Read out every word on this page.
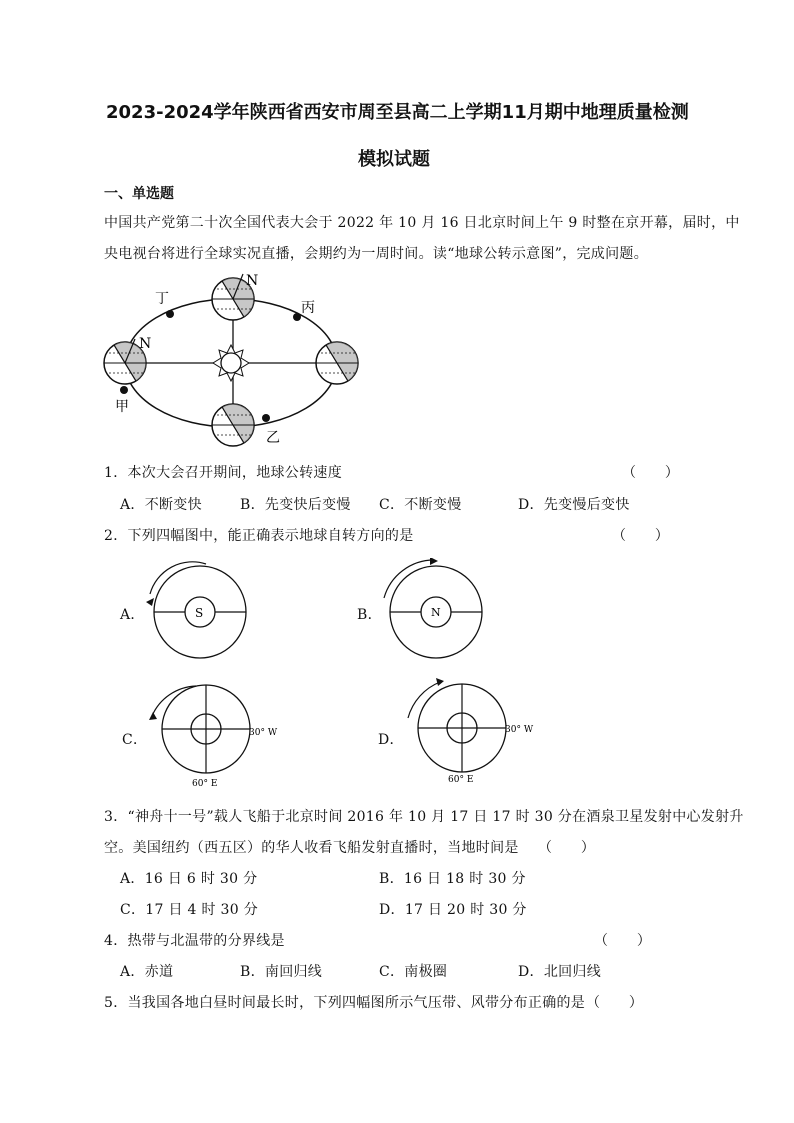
2023-2024学年陕西省西安市周至县高二上学期11月期中地理质量检测
模拟试题
一、单选题
中国共产党第二十次全国代表大会于 2022 年 10 月 16 日北京时间上午 9 时整在京开幕，届时，中
央电视台将进行全球实况直播，会期约为一周时间。读“地球公转示意图”，完成问题。
N
N
丁
丙
甲
乙
1．本次大会召开期间，地球公转速度	（　　）
A．不断变快	B．先变快后变慢 C．不断变慢	D．先变慢后变快
2．下列四幅图中，能正确表示地球自转方向的是	（　　）
A．	S	B．	N
C．	30° W
60° E
D．
30° W
60° E
3．“神舟十一号”载人飞船于北京时间 2016 年 10 月 17 日 17 时 30 分在酒泉卫星发射中心发射升
空。美国纽约（西五区）的华人收看飞船发射直播时，当地时间是 （　　）
A．16 日 6 时 30 分	B．16 日 18 时 30 分
C．17 日 4 时 30 分	D．17 日 20 时 30 分
4．热带与北温带的分界线是	（　　）
A．赤道	B．南回归线	C．南极圈	D．北回归线
5．当我国各地白昼时间最长时，下列四幅图所示气压带、风带分布正确的是 （　　）
